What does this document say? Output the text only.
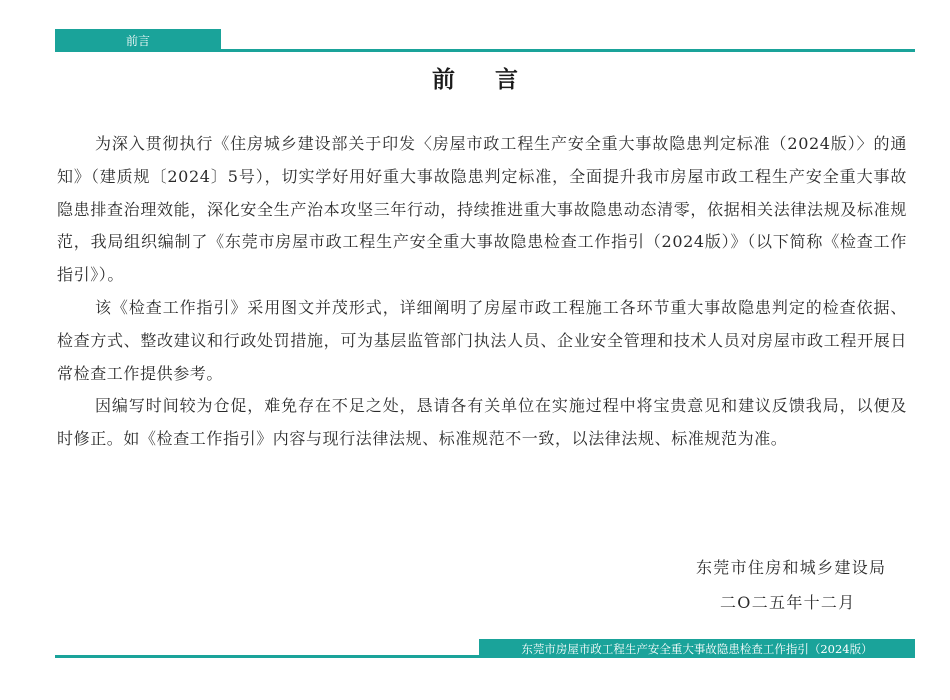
前言
前 言

为深入贯彻执行《住房城乡建设部关于印发〈房屋市政工程生产安全重大事故隐患判定标准（2024版）〉的通知》（建质规〔2024〕5号），切实学好用好重大事故隐患判定标准，全面提升我市房屋市政工程生产安全重大事故隐患排查治理效能，深化安全生产治本攻坚三年行动，持续推进重大事故隐患动态清零，依据相关法律法规及标准规范，我局组织编制了《东莞市房屋市政工程生产安全重大事故隐患检查工作指引（2024版）》（以下简称《检查工作指引》）。

该《检查工作指引》采用图文并茂形式，详细阐明了房屋市政工程施工各环节重大事故隐患判定的检查依据、检查方式、整改建议和行政处罚措施，可为基层监管部门执法人员、企业安全管理和技术人员对房屋市政工程开展日常检查工作提供参考。

因编写时间较为仓促，难免存在不足之处，恳请各有关单位在实施过程中将宝贵意见和建议反馈我局，以便及时修正。如《检查工作指引》内容与现行法律法规、标准规范不一致，以法律法规、标准规范为准。

东莞市住房和城乡建设局
二O二五年十二月
东莞市房屋市政工程生产安全重大事故隐患检查工作指引（2024版）
